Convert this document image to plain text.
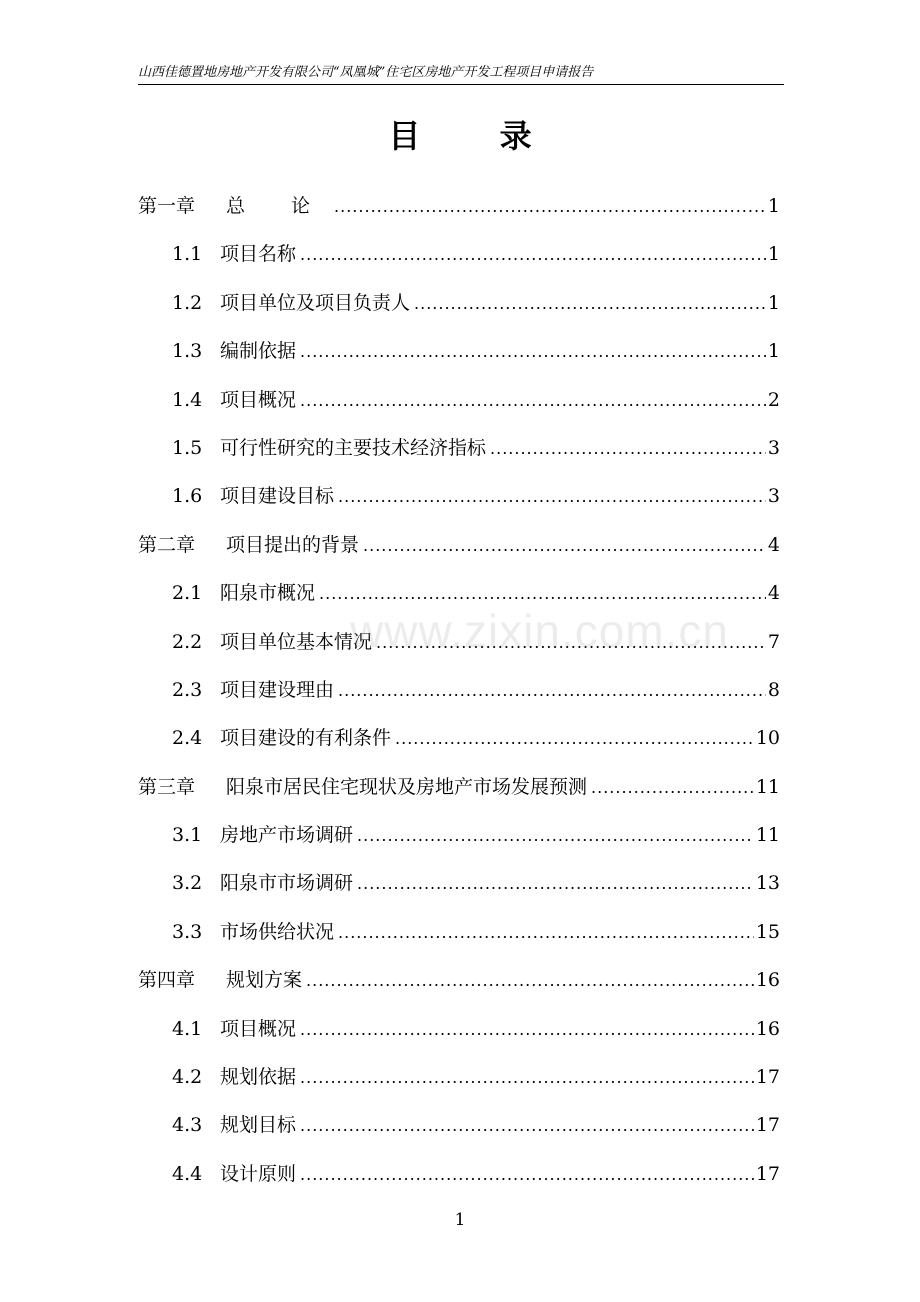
山西佳德置地房地产开发有限公司“凤凰城”住宅区房地产开发工程项目申请报告
目 录
第一章	总 论 .....	1
1.1 项目名称 .....	1
1.2 项目单位及项目负责人 .....	1
1.3 编制依据 .....	1
1.4 项目概况 .....	2
1.5 可行性研究的主要技术经济指标 .....	3
1.6 项目建设目标 .....	3
第二章	项目提出的背景 .....	4
2.1 阳泉市概况 .....	4
2.2 项目单位基本情况 .....	7
2.3 项目建设理由 .....	8
2.4 项目建设的有利条件 .....	10
第三章	阳泉市居民住宅现状及房地产市场发展预测 .....	11
3.1 房地产市场调研 .....	11
3.2 阳泉市市场调研 .....	13
3.3 市场供给状况 .....	15
第四章	规划方案 .....	16
4.1 项目概况 .....	16
4.2 规划依据 .....	17
4.3 规划目标 .....	17
4.4 设计原则 .....	17
www.zixin.com.cn
1
